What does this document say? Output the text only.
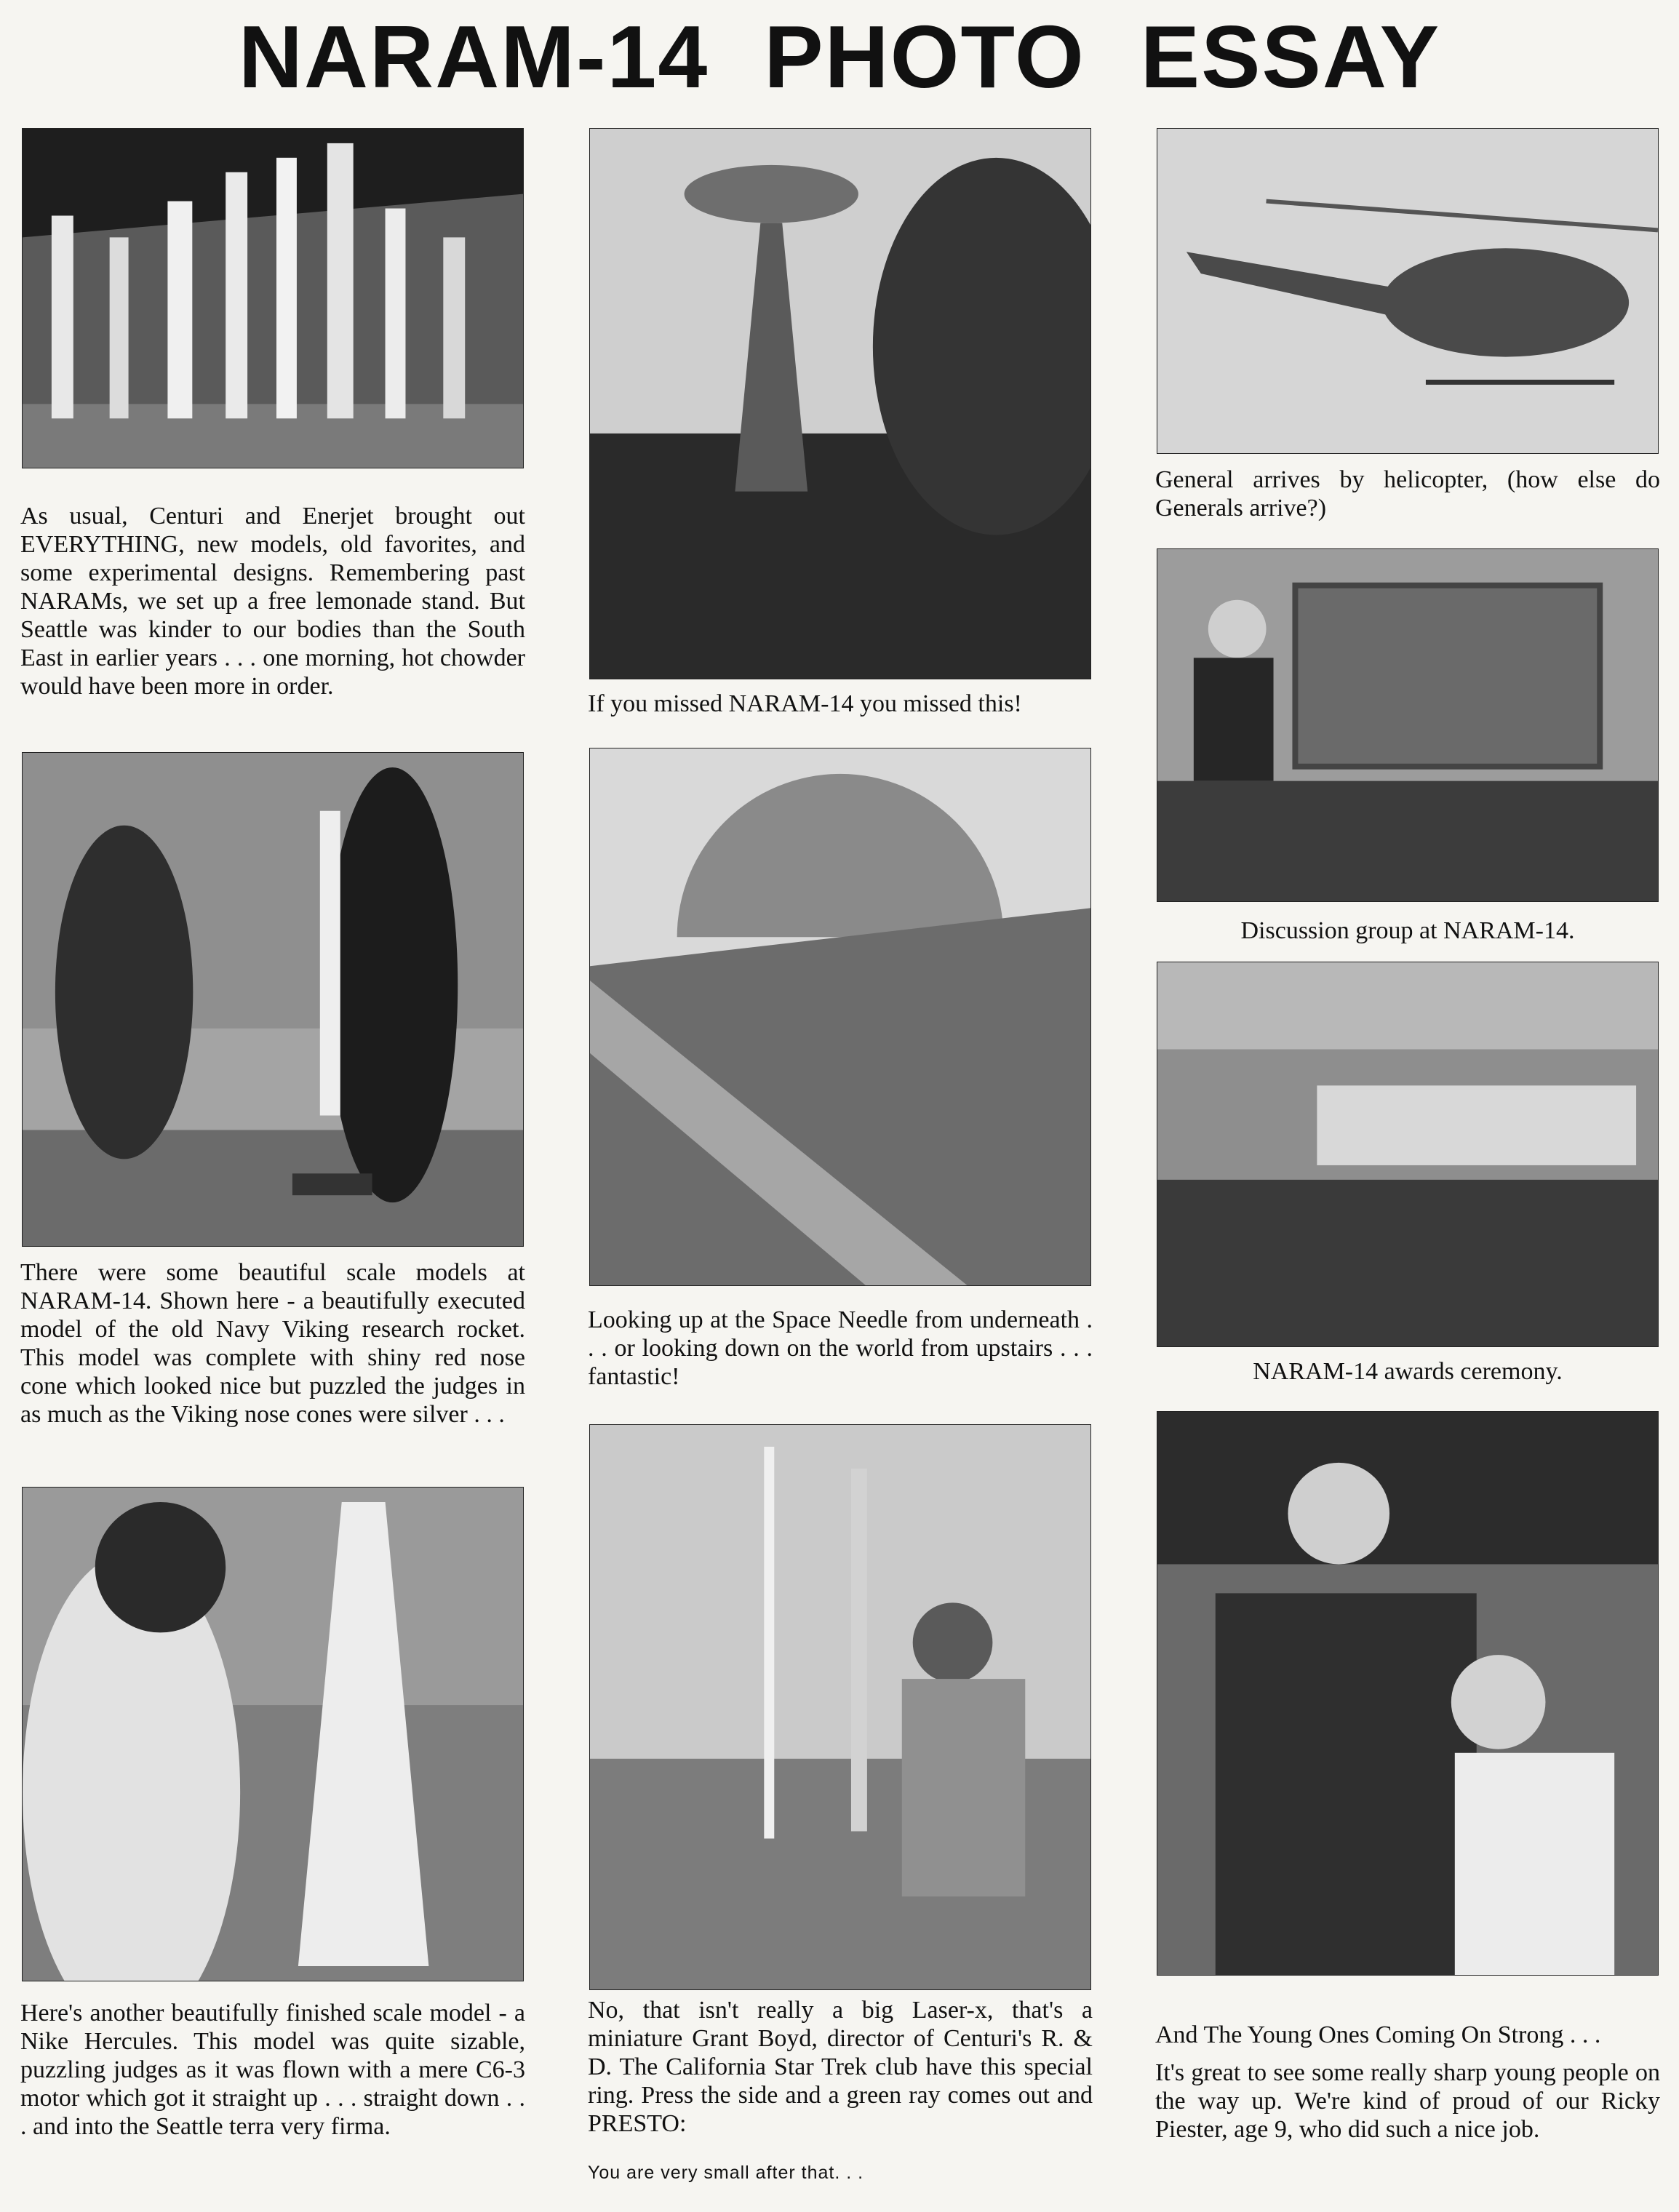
NARAM-14 PHOTO ESSAY

As usual, Centuri and Enerjet brought out EVERYTHING, new models, old favorites, and some experimental designs. Remembering past NARAMs, we set up a free lemonade stand. But Seattle was kinder to our bodies than the South East in earlier years . . . one morning, hot chowder would have been more in order.

There were some beautiful scale models at NARAM-14. Shown here - a beautifully executed model of the old Navy Viking research rocket. This model was complete with shiny red nose cone which looked nice but puzzled the judges in as much as the Viking nose cones were silver . . .

Here's another beautifully finished scale model - a Nike Hercules. This model was quite sizable, puzzling judges as it was flown with a mere C6-3 motor which got it straight up . . . straight down . . . and into the Seattle terra very firma.

If you missed NARAM-14 you missed this!

Looking up at the Space Needle from underneath . . . or looking down on the world from upstairs . . . fantastic!

No, that isn't really a big Laser-x, that's a miniature Grant Boyd, director of Centuri's R. & D. The California Star Trek club have this special ring. Press the side and a green ray comes out and PRESTO:

You are very small after that. . .

General arrives by helicopter, (how else do Generals arrive?)

Discussion group at NARAM-14.

NARAM-14 awards ceremony.

And The Young Ones Coming On Strong . . .

It's great to see some really sharp young people on the way up. We're kind of proud of our Ricky Piester, age 9, who did such a nice job.
